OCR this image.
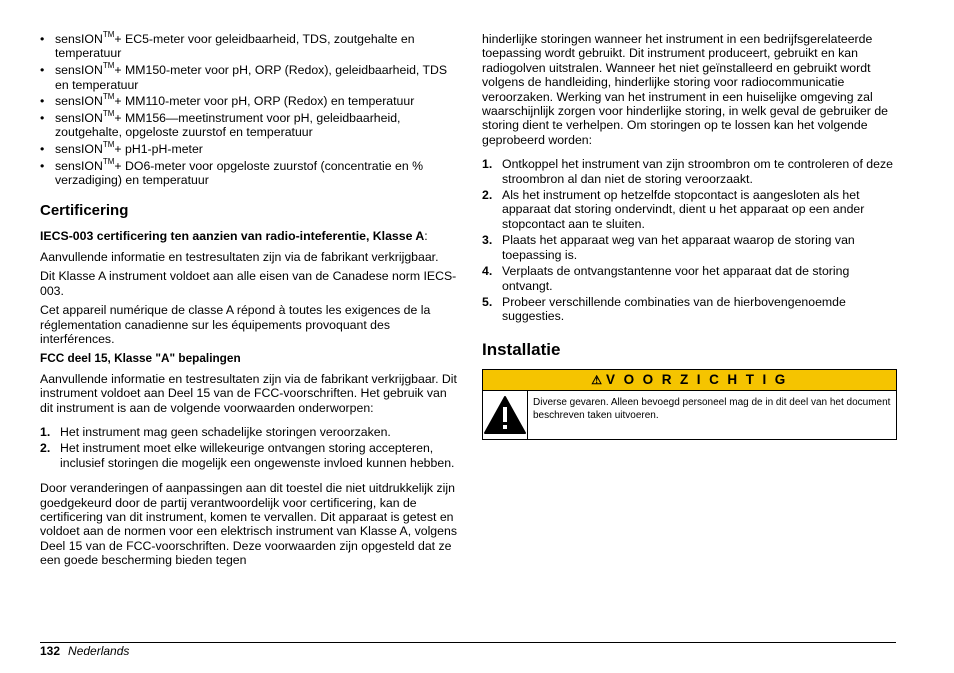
• sensION™+ EC5-meter voor geleidbaarheid, TDS, zoutgehalte en temperatuur
• sensION™+ MM150-meter voor pH, ORP (Redox), geleidbaarheid, TDS en temperatuur
• sensION™+ MM110-meter voor pH, ORP (Redox) en temperatuur
• sensION™+ MM156—meetinstrument voor pH, geleidbaarheid, zoutgehalte, opgeloste zuurstof en temperatuur
• sensION™+ pH1-pH-meter
• sensION™+ DO6-meter voor opgeloste zuurstof (concentratie en % verzadiging) en temperatuur
Certificering

IECS-003 certificering ten aanzien van radio-inteferentie, Klasse A:

Aanvullende informatie en testresultaten zijn via de fabrikant verkrijgbaar.

Dit Klasse A instrument voldoet aan alle eisen van de Canadese norm IECS-003.

Cet appareil numérique de classe A répond à toutes les exigences de la réglementation canadienne sur les équipements provoquant des interférences.

FCC deel 15, Klasse "A" bepalingen

Aanvullende informatie en testresultaten zijn via de fabrikant verkrijgbaar. Dit instrument voldoet aan Deel 15 van de FCC-voorschriften. Het gebruik van dit instrument is aan de volgende voorwaarden onderworpen:

1. Het instrument mag geen schadelijke storingen veroorzaken.
2. Het instrument moet elke willekeurige ontvangen storing accepteren, inclusief storingen die mogelijk een ongewenste invloed kunnen hebben.

Door veranderingen of aanpassingen aan dit toestel die niet uitdrukkelijk zijn goedgekeurd door de partij verantwoordelijk voor certificering, kan de certificering van dit instrument, komen te vervallen. Dit apparaat is getest en voldoet aan de normen voor een elektrisch instrument van Klasse A, volgens Deel 15 van de FCC-voorschriften. Deze voorwaarden zijn opgesteld dat ze een goede bescherming bieden tegen

hinderlijke storingen wanneer het instrument in een bedrijfsgerelateerde toepassing wordt gebruikt. Dit instrument produceert, gebruikt en kan radiogolven uitstralen. Wanneer het niet geïnstalleerd en gebruikt wordt volgens de handleiding, hinderlijke storing voor radiocommunicatie veroorzaken. Werking van het instrument in een huiselijke omgeving zal waarschijnlijk zorgen voor hinderlijke storing, in welk geval de gebruiker de storing dient te verhelpen. Om storingen op te lossen kan het volgende geprobeerd worden:

1. Ontkoppel het instrument van zijn stroombron om te controleren of deze stroombron al dan niet de storing veroorzaakt.
2. Als het instrument op hetzelfde stopcontact is aangesloten als het apparaat dat storing ondervindt, dient u het apparaat op een ander stopcontact aan te sluiten.
3. Plaats het apparaat weg van het apparaat waarop de storing van toepassing is.
4. Verplaats de ontvangstantenne voor het apparaat dat de storing ontvangt.
5. Probeer verschillende combinaties van de hierbovengenoemde suggesties.
Installatie
⚠ V O O R Z I C H T I G
Diverse gevaren. Alleen bevoegd personeel mag de in dit deel van het document beschreven taken uitvoeren.
132 Nederlands
